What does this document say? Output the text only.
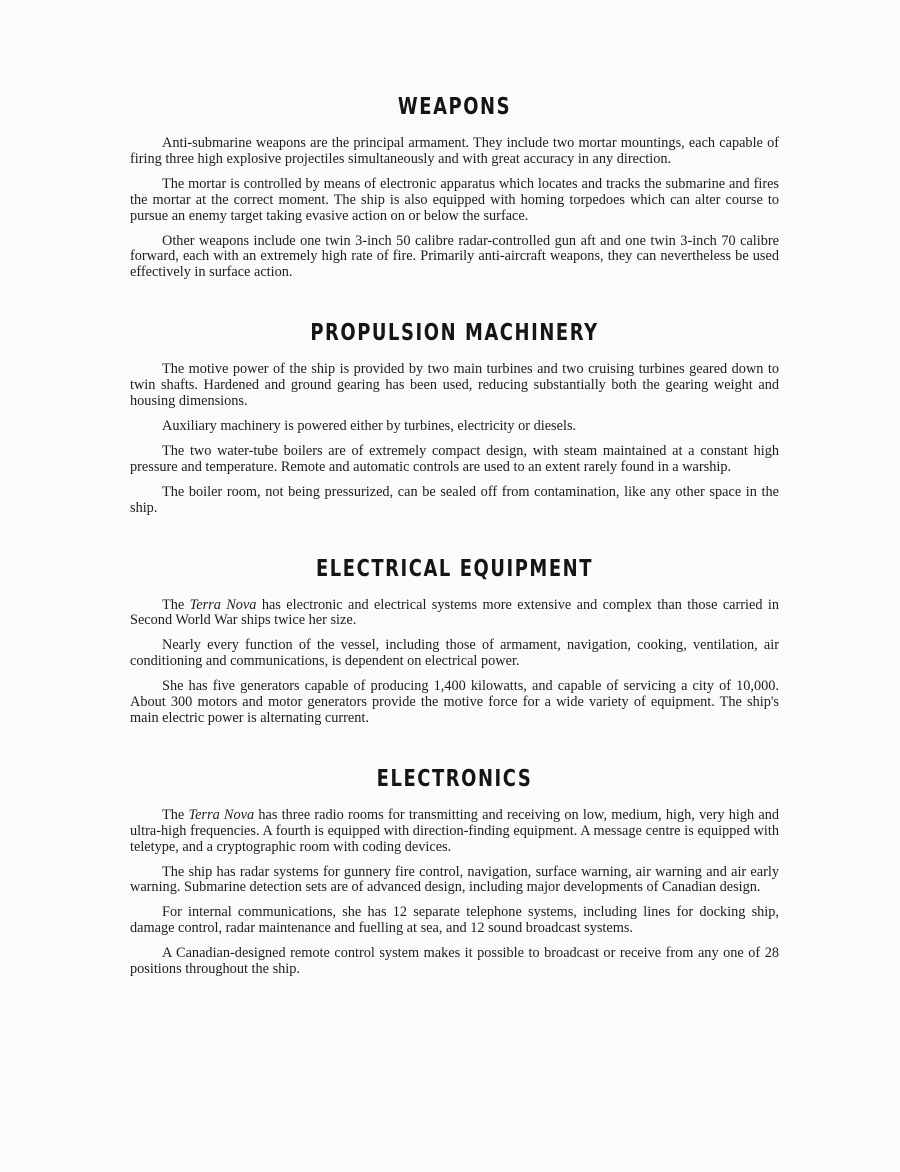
WEAPONS

Anti-submarine weapons are the principal armament. They include two mortar mountings, each capable of firing three high explosive projectiles simultaneously and with great accuracy in any direction.

The mortar is controlled by means of electronic apparatus which locates and tracks the submarine and fires the mortar at the correct moment. The ship is also equipped with homing torpedoes which can alter course to pursue an enemy target taking evasive action on or below the surface.

Other weapons include one twin 3-inch 50 calibre radar-controlled gun aft and one twin 3-inch 70 calibre forward, each with an extremely high rate of fire. Primarily anti-aircraft weapons, they can nevertheless be used effectively in surface action.

PROPULSION MACHINERY

The motive power of the ship is provided by two main turbines and two cruising turbines geared down to twin shafts. Hardened and ground gearing has been used, reducing substantially both the gearing weight and housing dimensions.

Auxiliary machinery is powered either by turbines, electricity or diesels.

The two water-tube boilers are of extremely compact design, with steam maintained at a constant high pressure and temperature. Remote and automatic controls are used to an extent rarely found in a warship.

The boiler room, not being pressurized, can be sealed off from contamination, like any other space in the ship.

ELECTRICAL EQUIPMENT

The Terra Nova has electronic and electrical systems more extensive and complex than those carried in Second World War ships twice her size.

Nearly every function of the vessel, including those of armament, navigation, cooking, ventilation, air conditioning and communications, is dependent on electrical power.

She has five generators capable of producing 1,400 kilowatts, and capable of servicing a city of 10,000. About 300 motors and motor generators provide the motive force for a wide variety of equipment. The ship's main electric power is alternating current.

ELECTRONICS

The Terra Nova has three radio rooms for transmitting and receiving on low, medium, high, very high and ultra-high frequencies. A fourth is equipped with direction-finding equipment. A message centre is equipped with teletype, and a cryptographic room with coding devices.

The ship has radar systems for gunnery fire control, navigation, surface warning, air warning and air early warning. Submarine detection sets are of advanced design, including major developments of Canadian design.

For internal communications, she has 12 separate telephone systems, including lines for docking ship, damage control, radar maintenance and fuelling at sea, and 12 sound broadcast systems.

A Canadian-designed remote control system makes it possible to broadcast or receive from any one of 28 positions throughout the ship.
